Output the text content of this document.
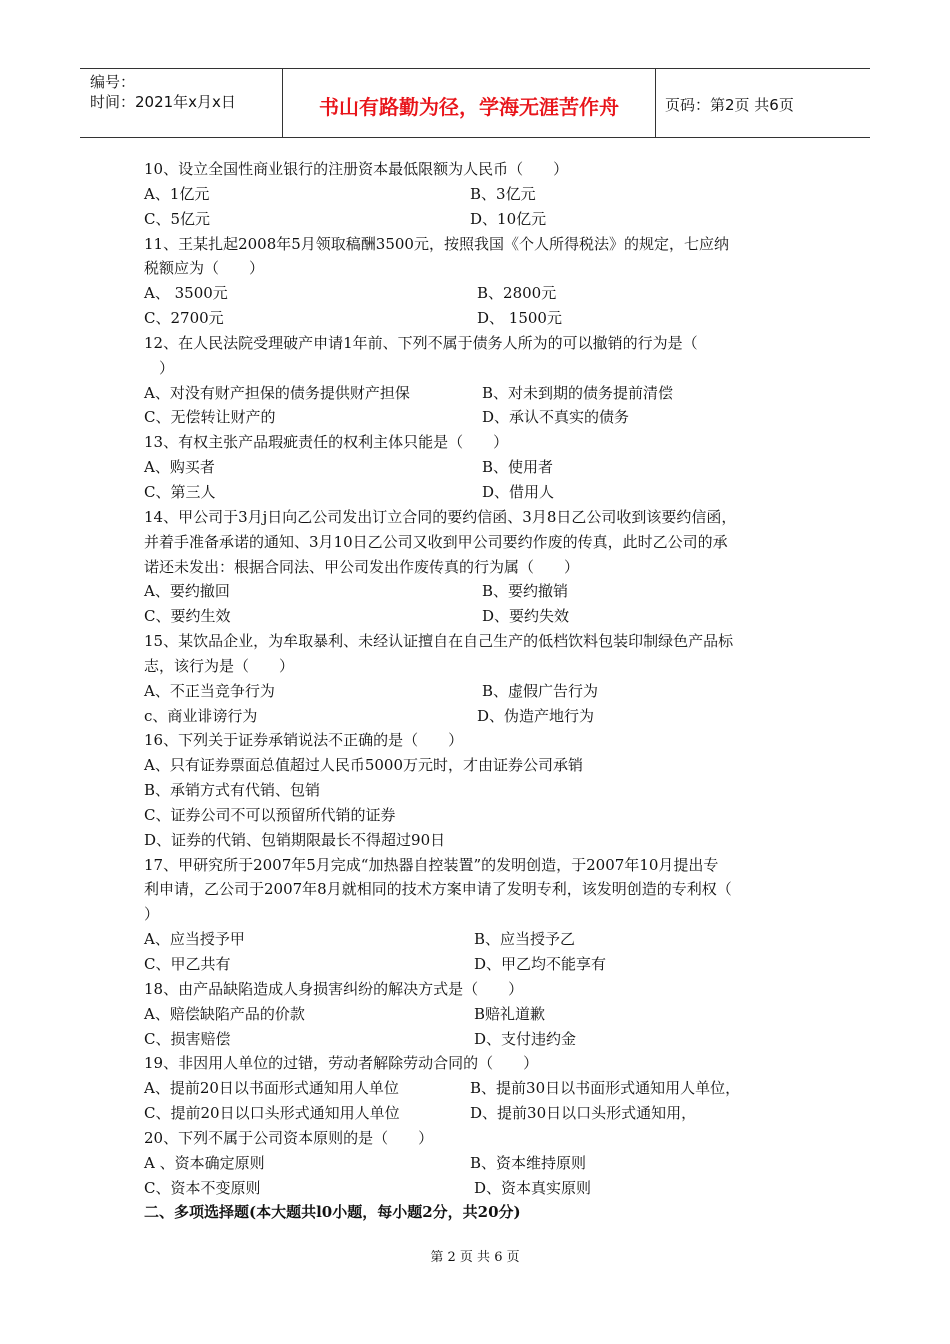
编号：
时间：2021年x月x日	书山有路勤为径，学海无涯苦作舟	页码：第2页 共6页
10、设立全国性商业银行的注册资本最低限额为人民币（　　）
A、1亿元	B、3亿元
C、5亿元	D、10亿元
11、王某扎起2008年5月领取稿酬3500元，按照我国《个人所得税法》的规定，七应纳
税额应为（　　）
A、 3500元	B、2800元
C、2700元	D、 1500元
12、在人民法院受理破产申请1年前、下列不属于债务人所为的可以撤销的行为是（
　）
A、对没有财产担保的债务提供财产担保	B、对未到期的债务提前清偿
C、无偿转让财产的	D、承认不真实的债务
13、有权主张产品瑕疵责任的权利主体只能是（　　）
A、购买者	B、使用者
C、第三人	D、借用人
14、甲公司于3月j日向乙公司发出订立合同的要约信函、3月8日乙公司收到该要约信函，
并着手准备承诺的通知、3月10日乙公司又收到甲公司要约作废的传真，此时乙公司的承
诺还未发出：根据合同法、甲公司发出作废传真的行为属（　　）
A、要约撤回	B、要约撤销
C、要约生效	D、要约失效
15、某饮品企业，为牟取暴利、未经认证擅自在自己生产的低档饮料包装印制绿色产品标
志，该行为是（　　）
A、不正当竞争行为	B、虚假广告行为
c、商业诽谤行为	D、伪造产地行为
16、下列关于证券承销说法不正确的是（　　）
A、只有证券票面总值超过人民币5000万元时，才由证券公司承销
B、承销方式有代销、包销
C、证券公司不可以预留所代销的证券
D、证券的代销、包销期限最长不得超过90日
17、甲研究所于2007年5月完成“加热器自控装置”的发明创造，于2007年10月提出专
利申请，乙公司于2007年8月就相同的技术方案申请了发明专利，该发明创造的专利权（
）
A、应当授予甲	B、应当授予乙
C、甲乙共有	D、甲乙均不能享有
18、由产品缺陷造成人身损害纠纷的解决方式是（　　）
A、赔偿缺陷产品的价款	B赔礼道歉
C、损害赔偿	D、支付违约金
19、非因用人单位的过错，劳动者解除劳动合同的（　　）
A、提前20日以书面形式通知用人单位	B、提前30日以书面形式通知用人单位，
C、提前20日以口头形式通知用人单位	D、提前30日以口头形式通知用，
20、下列不属于公司资本原则的是（　　）
A 、资本确定原则	B、资本维持原则
C、资本不变原则	D、资本真实原则
二、多项选择题(本大题共l0小题，每小题2分，共20分)
第 2 页 共 6 页
